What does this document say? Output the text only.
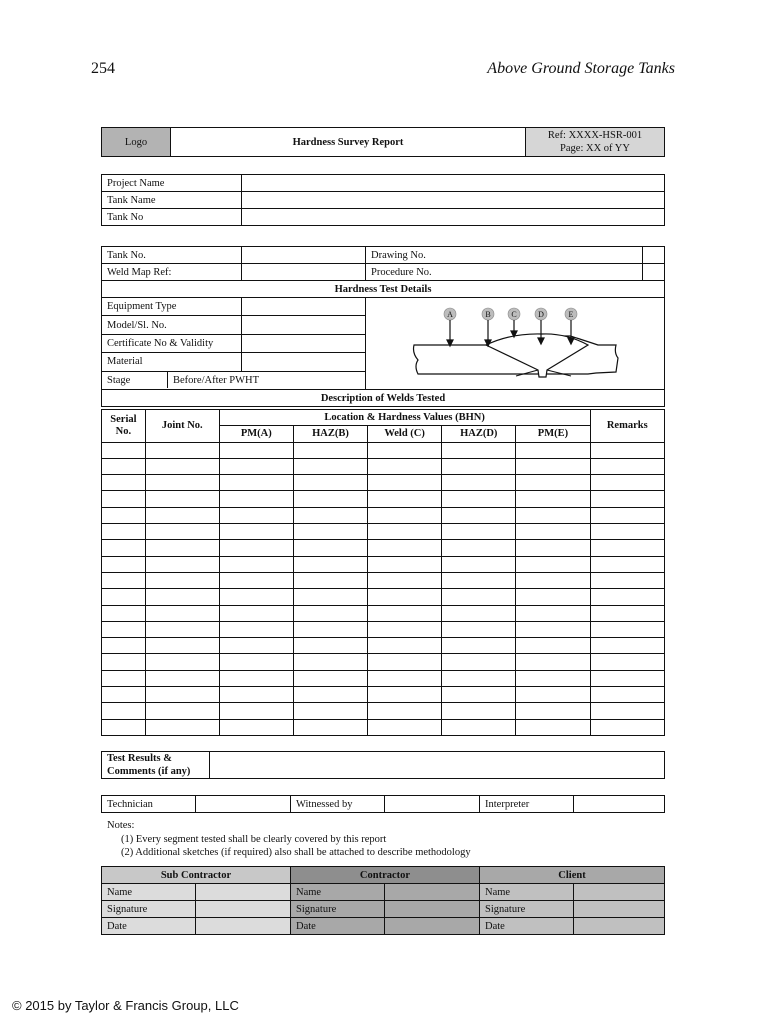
254	Above Ground Storage Tanks
Logo	Hardness Survey Report	
Ref: XXXX-HSR-001
Page: XX of YY
Project Name	
Tank Name	
Tank No	
Tank No.		Drawing No.	
Weld Map Ref:		Procedure No.	
Hardness Test Details
Equipment Type		
A	B	C	D	E

Model/Sl. No.	
Certificate No & Validity	
Material	

Stage	Before/After PWHT

Description of Welds Tested
Serial No.	Joint No.	Location & Hardness Values (BHN)					Remarks
		PM(A)	HAZ(B)	Weld (C)	HAZ(D)	PM(E)	

Test Results & Comments (if any)	
Technician		Witnessed by		Interpreter	
Notes:
(1) Every segment tested shall be clearly covered by this report
(2) Additional sketches (if required) also shall be attached to describe methodology
Sub Contractor		Contractor		Client	
Name		Name		Name	
Signature		Signature		Signature	
Date		Date		Date	
© 2015 by Taylor & Francis Group, LLC
